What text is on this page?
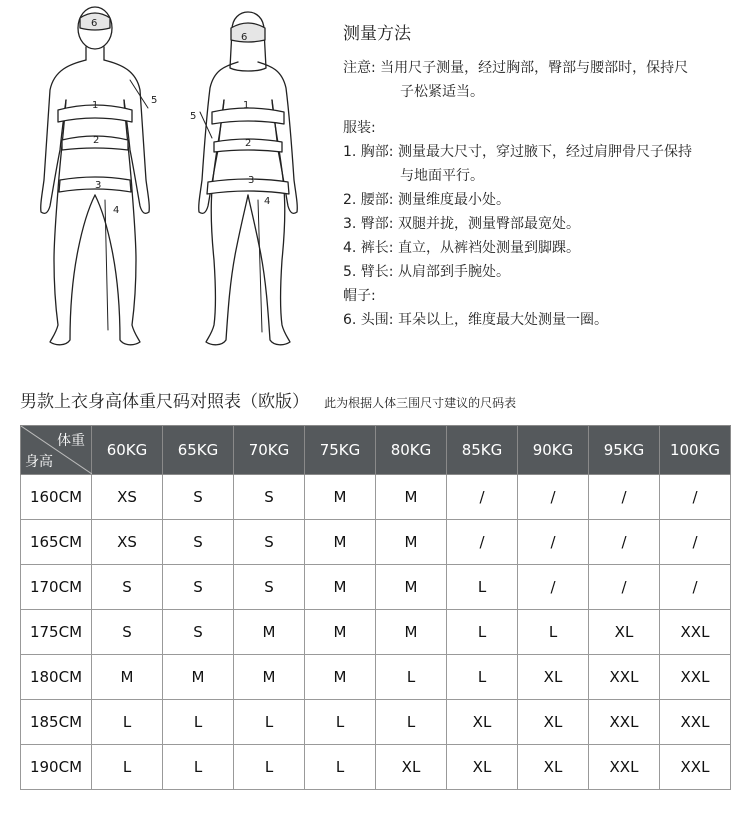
6
1
2
3
4
5
6
5
1
2
3
4
测量方法
注意: 当用尺子测量，经过胸部，臀部与腰部时，保持尺
子松紧适当。
服装:
1. 胸部: 测量最大尺寸，穿过腋下，经过肩胛骨尺子保持
与地面平行。
2. 腰部: 测量维度最小处。
3. 臀部: 双腿并拢，测量臀部最宽处。
4. 裤长: 直立，从裤裆处测量到脚踝。
5. 臂长: 从肩部到手腕处。
帽子:
6. 头围: 耳朵以上，维度最大处测量一圈。
男款上衣身高体重尺码对照表（欧版） 此为根据人体三围尺寸建议的尺码表
体重
身高	60KG	65KG	70KG	75KG	80KG	85KG	90KG	95KG	100KG
160CM	XS	S	S	M	M	/	/	/	/
165CM	XS	S	S	M	M	/	/	/	/
170CM	S	S	S	M	M	L	/	/	/
175CM	S	S	M	M	M	L	L	XL	XXL
180CM	M	M	M	M	L	L	XL	XXL	XXL
185CM	L	L	L	L	L	XL	XL	XXL	XXL
190CM	L	L	L	L	XL	XL	XL	XXL	XXL
